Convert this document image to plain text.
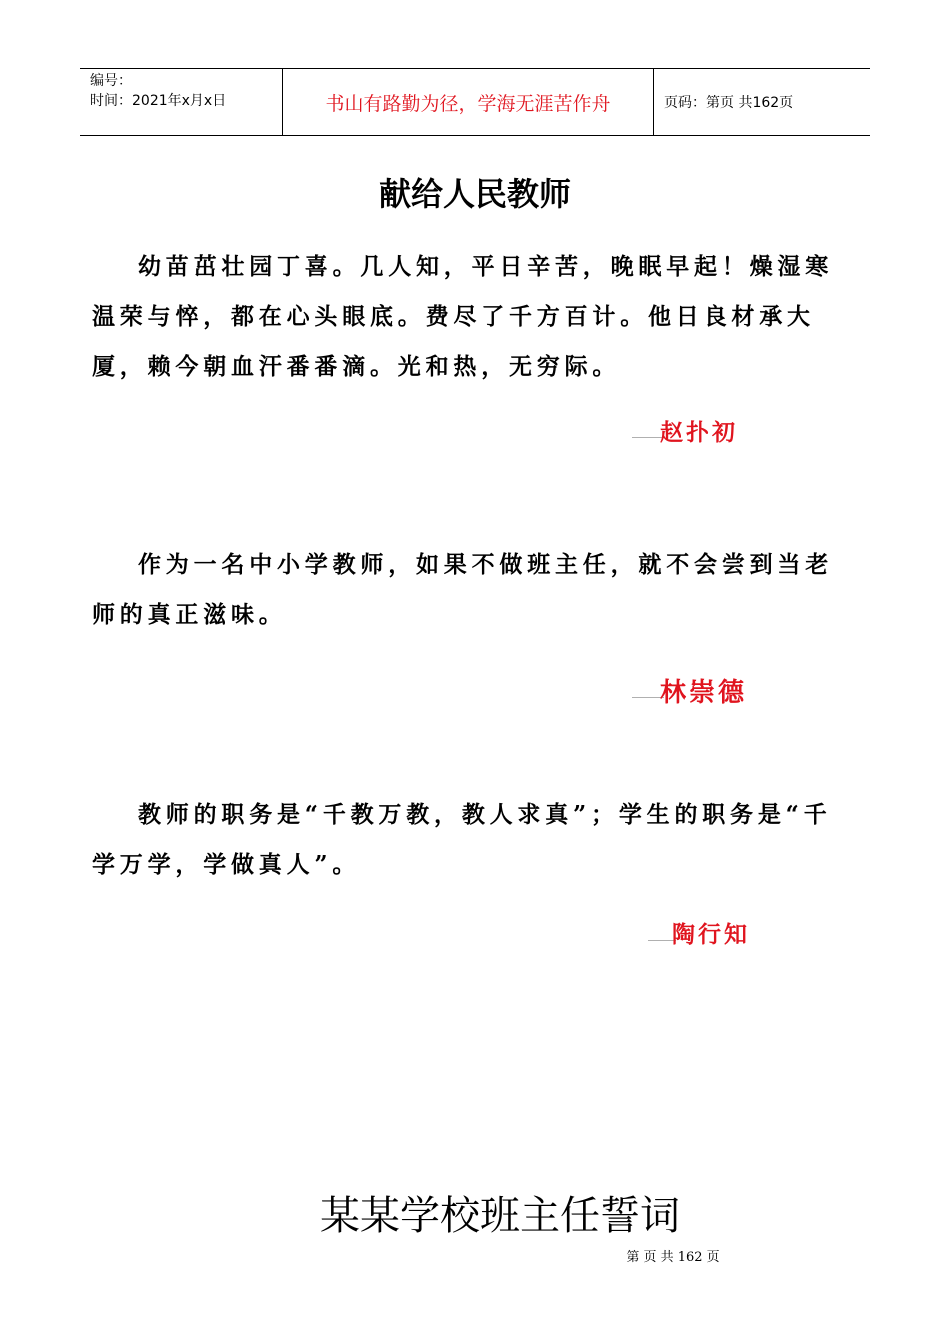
编号：
时间：2021年x月x日	书山有路勤为径，学海无涯苦作舟	页码：第页 共162页
献给人民教师
幼苗茁壮园丁喜。几人知，平日辛苦，晚眠早起！燥湿寒温荣与悴，都在心头眼底。费尽了千方百计。他日良材承大厦，赖今朝血汗番番滴。光和热，无穷际。
赵扑初
作为一名中小学教师，如果不做班主任，就不会尝到当老师的真正滋味。
林崇德
教师的职务是“千教万教，教人求真”；学生的职务是“千学万学，学做真人”。
陶行知
某某学校班主任誓词
第 页 共 162 页
